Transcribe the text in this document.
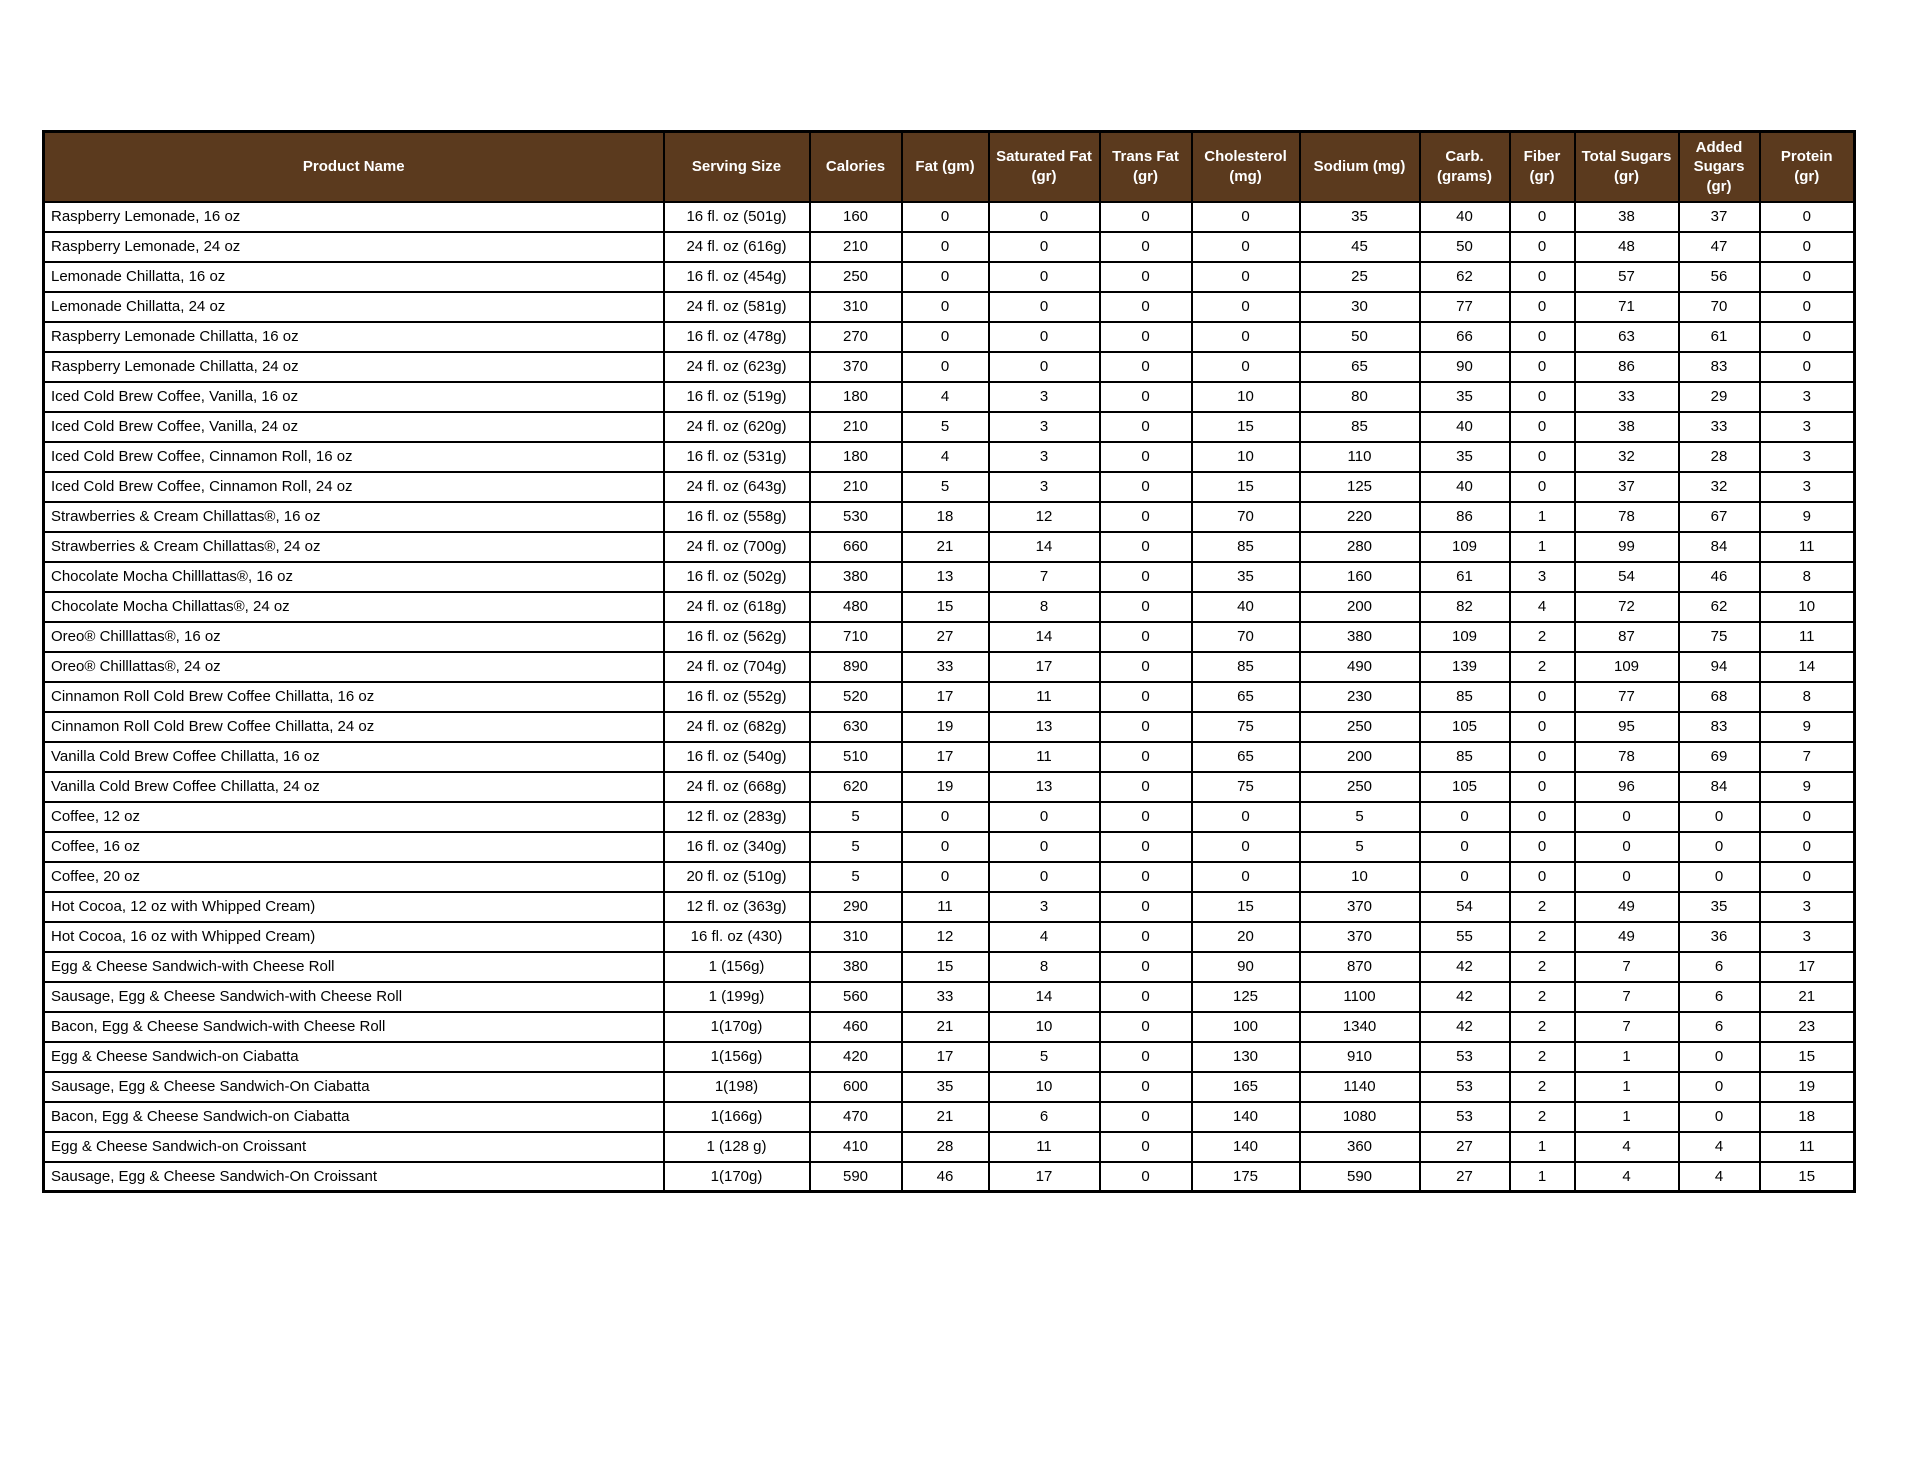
Product Name	Serving Size	Calories	Fat (gm)	Saturated Fat (gr)	Trans Fat (gr)	Cholesterol (mg)	Sodium (mg)	Carb. (grams)	Fiber (gr)	Total Sugars (gr)	Added Sugars (gr)	Protein (gr)
Raspberry Lemonade, 16 oz	16 fl. oz (501g)	160	0	0	0	0	35	40	0	38	37	0
Raspberry Lemonade, 24 oz	24 fl. oz (616g)	210	0	0	0	0	45	50	0	48	47	0
Lemonade Chillatta, 16 oz	16 fl. oz (454g)	250	0	0	0	0	25	62	0	57	56	0
Lemonade Chillatta, 24 oz	24 fl. oz (581g)	310	0	0	0	0	30	77	0	71	70	0
Raspberry Lemonade Chillatta, 16 oz	16 fl. oz (478g)	270	0	0	0	0	50	66	0	63	61	0
Raspberry Lemonade Chillatta, 24 oz	24 fl. oz (623g)	370	0	0	0	0	65	90	0	86	83	0
Iced Cold Brew Coffee, Vanilla, 16 oz	16 fl. oz (519g)	180	4	3	0	10	80	35	0	33	29	3
Iced Cold Brew Coffee, Vanilla, 24 oz	24 fl. oz (620g)	210	5	3	0	15	85	40	0	38	33	3
Iced Cold Brew Coffee, Cinnamon Roll, 16 oz	16 fl. oz (531g)	180	4	3	0	10	110	35	0	32	28	3
Iced Cold Brew Coffee, Cinnamon Roll, 24 oz	24 fl. oz (643g)	210	5	3	0	15	125	40	0	37	32	3
Strawberries & Cream Chillattas®, 16 oz	16 fl. oz (558g)	530	18	12	0	70	220	86	1	78	67	9
Strawberries & Cream Chillattas®, 24 oz	24 fl. oz (700g)	660	21	14	0	85	280	109	1	99	84	11
Chocolate Mocha Chilllattas®, 16 oz	16 fl. oz (502g)	380	13	7	0	35	160	61	3	54	46	8
Chocolate Mocha Chillattas®, 24 oz	24 fl. oz (618g)	480	15	8	0	40	200	82	4	72	62	10
Oreo® Chilllattas®, 16 oz	16 fl. oz (562g)	710	27	14	0	70	380	109	2	87	75	11
Oreo® Chilllattas®, 24 oz	24 fl. oz (704g)	890	33	17	0	85	490	139	2	109	94	14
Cinnamon Roll Cold Brew Coffee Chillatta, 16 oz	16 fl. oz (552g)	520	17	11	0	65	230	85	0	77	68	8
Cinnamon Roll Cold Brew Coffee Chillatta, 24 oz	24 fl. oz (682g)	630	19	13	0	75	250	105	0	95	83	9
Vanilla Cold Brew Coffee Chillatta, 16 oz	16 fl. oz (540g)	510	17	11	0	65	200	85	0	78	69	7
Vanilla Cold Brew Coffee Chillatta, 24 oz	24 fl. oz (668g)	620	19	13	0	75	250	105	0	96	84	9
Coffee, 12 oz	12 fl. oz (283g)	5	0	0	0	0	5	0	0	0	0	0
Coffee, 16 oz	16 fl. oz (340g)	5	0	0	0	0	5	0	0	0	0	0
Coffee, 20 oz	20 fl. oz (510g)	5	0	0	0	0	10	0	0	0	0	0
Hot Cocoa, 12 oz with Whipped Cream)	12 fl. oz (363g)	290	11	3	0	15	370	54	2	49	35	3
Hot Cocoa, 16 oz with Whipped Cream)	16 fl. oz (430)	310	12	4	0	20	370	55	2	49	36	3
Egg & Cheese Sandwich-with Cheese Roll	1 (156g)	380	15	8	0	90	870	42	2	7	6	17
Sausage, Egg & Cheese Sandwich-with Cheese Roll	1 (199g)	560	33	14	0	125	1100	42	2	7	6	21
Bacon, Egg & Cheese Sandwich-with Cheese Roll	1(170g)	460	21	10	0	100	1340	42	2	7	6	23
Egg & Cheese Sandwich-on Ciabatta	1(156g)	420	17	5	0	130	910	53	2	1	0	15
Sausage, Egg & Cheese Sandwich-On Ciabatta	1(198)	600	35	10	0	165	1140	53	2	1	0	19
Bacon, Egg & Cheese Sandwich-on Ciabatta	1(166g)	470	21	6	0	140	1080	53	2	1	0	18
Egg & Cheese Sandwich-on Croissant	1 (128 g)	410	28	11	0	140	360	27	1	4	4	11
Sausage, Egg & Cheese Sandwich-On Croissant	1(170g)	590	46	17	0	175	590	27	1	4	4	15
